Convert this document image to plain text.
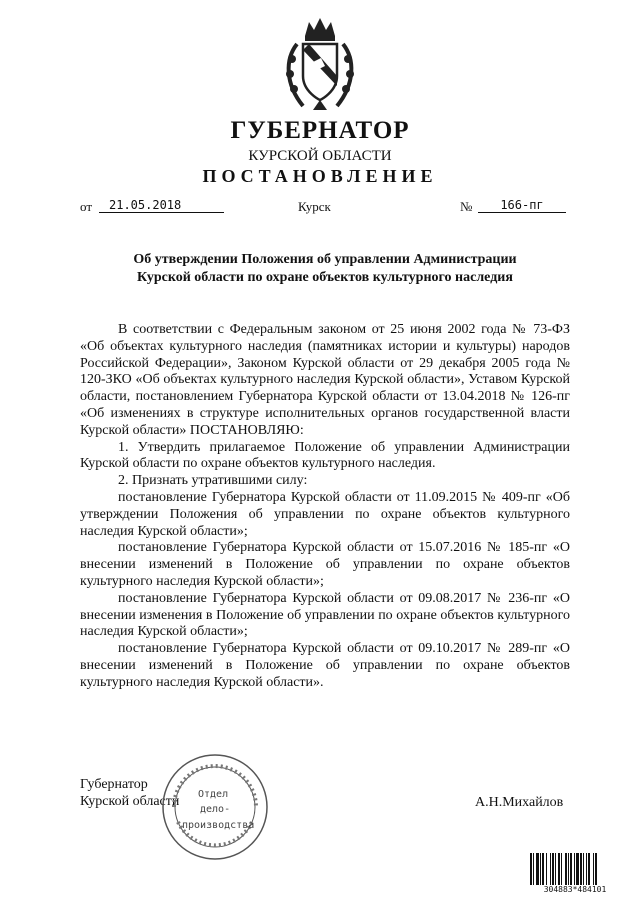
ГУБЕРНАТОР
КУРСКОЙ ОБЛАСТИ
ПОСТАНОВЛЕНИЕ
от	21.05.2018	Курск	№	166-пг
Об утверждении Положения об управлении Администрации
Курской области по охране объектов культурного наследия

В соответствии с Федеральным законом от 25 июня 2002 года № 73-ФЗ «Об объектах культурного наследия (памятниках истории и культуры) народов Российской Федерации», Законом Курской области от 29 декабря 2005 года № 120-ЗКО «Об объектах культурного наследия Курской области», Уставом Курской области, постановлением Губернатора Курской области от 13.04.2018 № 126-пг «Об изменениях в структуре исполнительных органов государственной власти Курской области» ПОСТАНОВЛЯЮ:

1. Утвердить прилагаемое Положение об управлении Администрации Курской области по охране объектов культурного наследия.

2. Признать утратившими силу:

постановление Губернатора Курской области от 11.09.2015 № 409-пг «Об утверждении Положения об управлении по охране объектов культурного наследия Курской области»;

постановление Губернатора Курской области от 15.07.2016 № 185-пг «О внесении изменений в Положение об управлении по охране объектов культурного наследия Курской области»;

постановление Губернатора Курской области от 09.08.2017 № 236-пг «О внесении изменения в Положение об управлении по охране объектов культурного наследия Курской области»;

постановление Губернатора Курской области от 09.10.2017 № 289-пг «О внесении изменений в Положение об управлении по охране объектов культурного наследия Курской области».

Губернатор
Курской области Отдел
дело-
производства
А.Н.Михайлов
304883*484101
